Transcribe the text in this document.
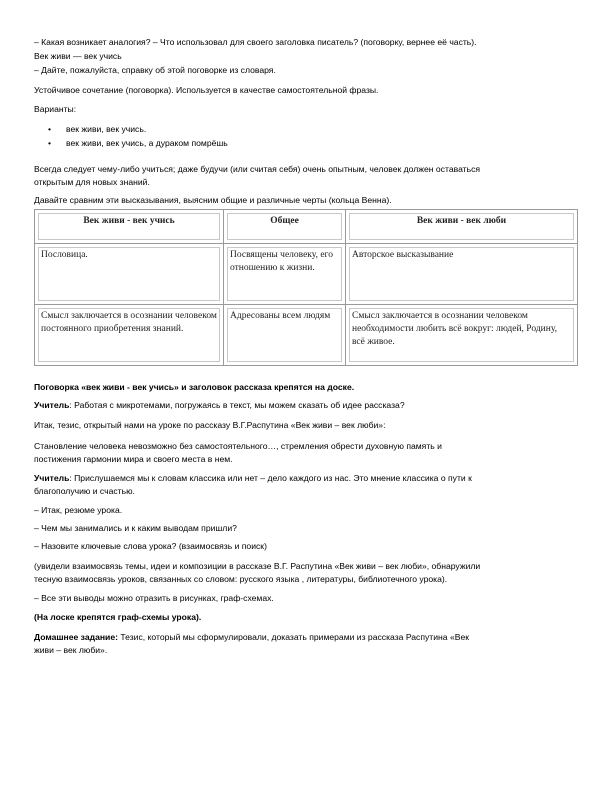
– Какая возникает аналогия? – Что использовал для своего заголовка писатель? (поговорку, вернее её часть).
Век живи — век учись
– Дайте, пожалуйста, справку об этой поговорке из словаря.
Устойчивое сочетание (поговорка). Используется в качестве самостоятельной фразы.
Варианты:
• век живи, век учись.
• век живи, век учись, а дураком помрёшь
Всегда следует чему-либо учиться; даже будучи (или считая себя) очень опытным, человек должен оставаться
открытым для новых знаний.
Давайте сравним эти высказывания, выясним общие и различные черты (кольца Венна).
Век живи - век учись	Общее	Век живи - век люби

Пословица.	Посвящены человеку, его отношению к жизни.	Авторское высказывание

Смысл заключается в осознании человеком постоянного приобретения знаний.	Адресованы всем людям	Смысл заключается в осознании человеком необходимости любить всё вокруг: людей, Родину, всё живое.
Поговорка «век живи - век учись» и заголовок рассказа крепятся на доске.
Учитель: Работая с микротемами, погружаясь в текст, мы можем сказать об идее рассказа?
Итак, тезис, открытый нами на уроке по рассказу В.Г.Распутина «Век живи – век люби»:
Становление человека невозможно без самостоятельного…, стремления обрести духовную память и
постижения гармонии мира и своего места в нем.
Учитель: Прислушаемся мы к словам классика или нет – дело каждого из нас. Это мнение классика о пути к
благополучию и счастью.
– Итак, резюме урока.
– Чем мы занимались и к каким выводам пришли?
– Назовите ключевые слова урока? (взаимосвязь и поиск)
(увидели взаимосвязь темы, идеи и композиции в рассказе В.Г. Распутина «Век живи – век люби», обнаружили
тесную взаимосвязь уроков, связанных со словом: русского языка , литературы, библиотечного урока).
– Все эти выводы можно отразить в рисунках, граф-схемах.
(На лоске крепятся граф-схемы урока).
Домашнее задание: Тезис, который мы сформулировали, доказать примерами из рассказа Распутина «Век
живи – век люби».
